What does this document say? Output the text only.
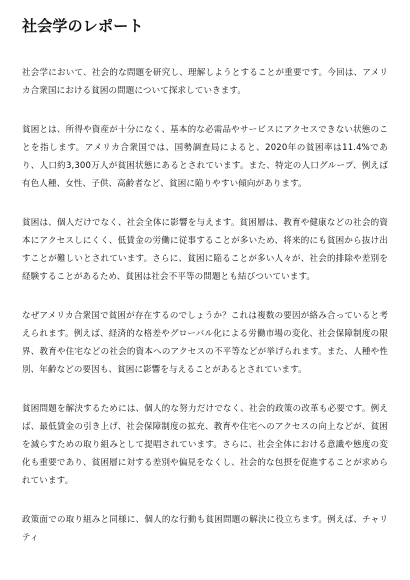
社会学のレポート

社会学において、社会的な問題を研究し、理解しようとすることが重要です。今回は、アメリカ合衆国における貧困の問題について探求していきます。

貧困とは、所得や資産が十分になく、基本的な必需品やサービスにアクセスできない状態のことを指します。アメリカ合衆国では、国勢調査局によると、2020年の貧困率は11.4%であり、人口約3,300万人が貧困状態にあるとされています。また、特定の人口グループ、例えば有色人種、女性、子供、高齢者など、貧困に陥りやすい傾向があります。

貧困は、個人だけでなく、社会全体に影響を与えます。貧困層は、教育や健康などの社会的資本にアクセスしにくく、低賃金の労働に従事することが多いため、将来的にも貧困から抜け出すことが難しいとされています。さらに、貧困に陥ることが多い人々が、社会的排除や差別を経験することがあるため、貧困は社会不平等の問題とも結びついています。

なぜアメリカ合衆国で貧困が存在するのでしょうか？これは複数の要因が絡み合っていると考えられます。例えば、経済的な格差やグローバル化による労働市場の変化、社会保障制度の限界、教育や住宅などの社会的資本へのアクセスの不平等などが挙げられます。また、人種や性別、年齢などの要因も、貧困に影響を与えることがあるとされています。

貧困問題を解決するためには、個人的な努力だけでなく、社会的政策の改革も必要です。例えば、最低賃金の引き上げ、社会保障制度の拡充、教育や住宅へのアクセスの向上などが、貧困を減らすための取り組みとして提唱されています。さらに、社会全体における意識や態度の変化も重要であり、貧困層に対する差別や偏見をなくし、社会的な包摂を促進することが求められています。

政策面での取り組みと同様に、個人的な行動も貧困問題の解決に役立ちます。例えば、チャリティ
